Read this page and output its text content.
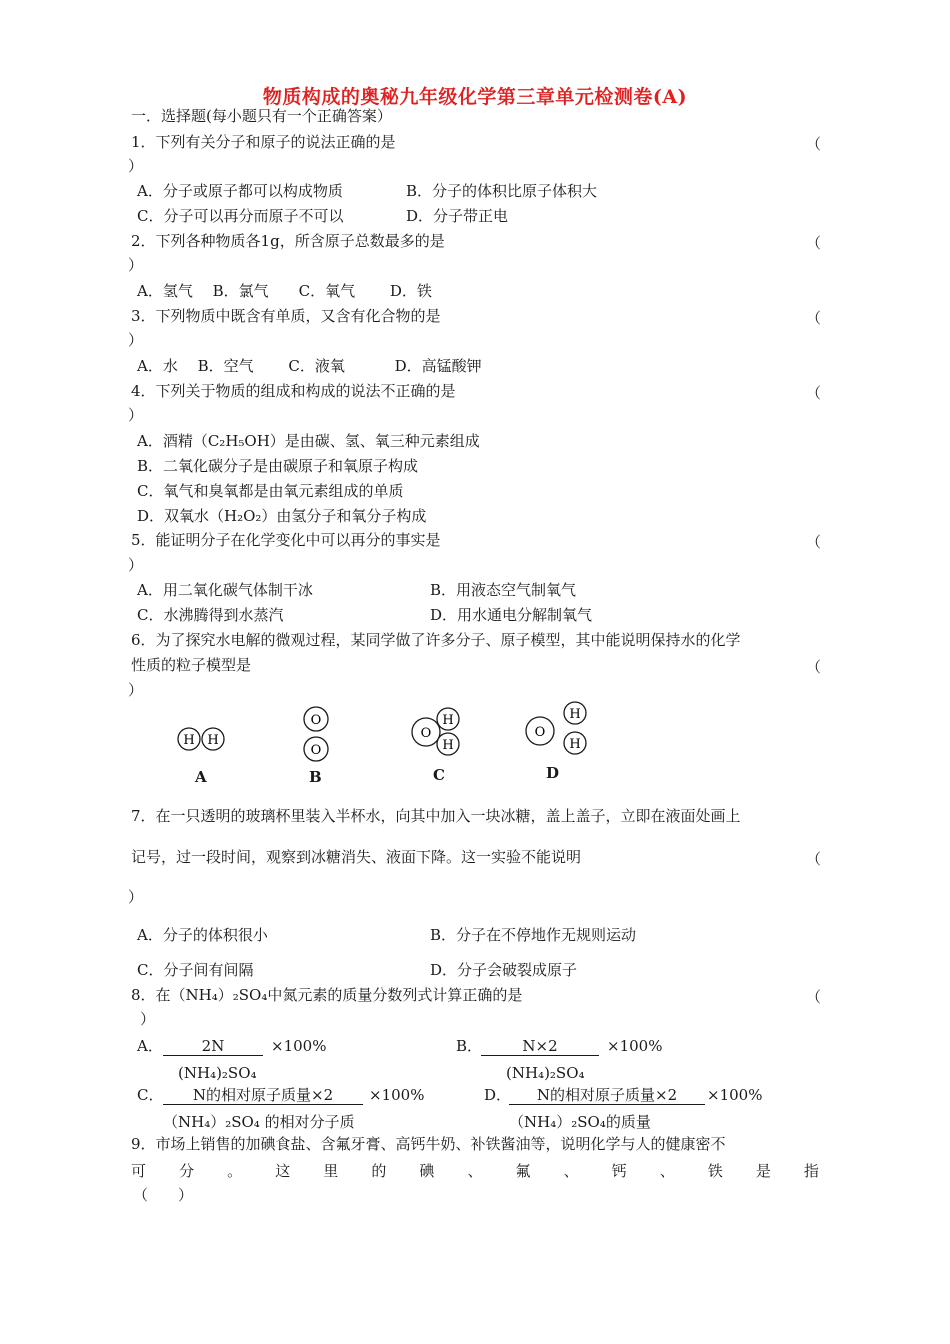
物质构成的奥秘九年级化学第三章单元检测卷(A)
一．选择题(每小题只有一个正确答案）
1．下列有关分子和原子的说法正确的是	（
）
A．分子或原子都可以构成物质	B．分子的体积比原子体积大
C．分子可以再分而原子不可以	D．分子带正电
2．下列各种物质各1g，所含原子总数最多的是	（
）
A．氢气　 B．氯气　　C．氧气　　 D．铁
3．下列物质中既含有单质，又含有化合物的是	（
）
A．水　 B．空气　　 C．液氧　　　 D．高锰酸钾
4．下列关于物质的组成和构成的说法不正确的是	（
）
A．酒精（C₂H₅OH）是由碳、氢、氧三种元素组成
B．二氧化碳分子是由碳原子和氧原子构成
C．氧气和臭氧都是由氧元素组成的单质
D．双氧水（H₂O₂）由氢分子和氧分子构成
5．能证明分子在化学变化中可以再分的事实是	（
）
A．用二氧化碳气体制干冰	B．用液态空气制氧气
C．水沸腾得到水蒸汽	D．用水通电分解制氧气
6．为了探究水电解的微观过程，某同学做了许多分子、原子模型，其中能说明保持水的化学
性质的粒子模型是	（
）
H H
O
O
O
H
H
O
H
H
A	B	C	D
7．在一只透明的玻璃杯里装入半杯水，向其中加入一块冰糖，盖上盖子，立即在液面处画上
记号，过一段时间，观察到冰糖消失、液面下降。这一实验不能说明	（
）
A．分子的体积很小	B．分子在不停地作无规则运动
C．分子间有间隔	D．分子会破裂成原子
8．在（NH₄）₂SO₄中氮元素的质量分数列式计算正确的是	（
）
A．	2N	×100%
(NH₄)₂SO₄
B．	N×2	×100%
(NH₄)₂SO₄
C．	N的相对原子质量×2	×100%
（NH₄）₂SO₄ 的相对分子质
D．	N的相对原子质量×2	×100%
（NH₄）₂SO₄的质量
9．市场上销售的加碘食盐、含氟牙膏、高钙牛奶、补铁酱油等，说明化学与人的健康密不
可 分 。 这 里 的 碘 、 氟 、 钙 、 铁 是 指
（　　）
